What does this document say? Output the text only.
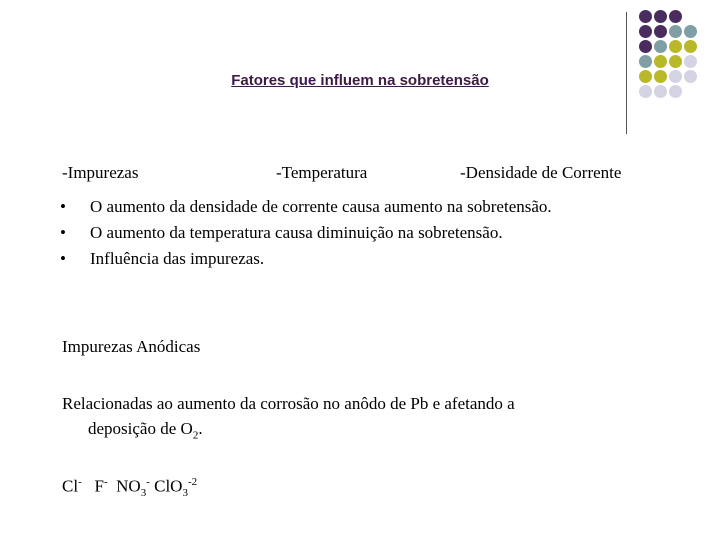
Fatores que influem na sobretensão
-Impurezas	-Temperatura	-Densidade de Corrente
• O aumento da densidade de corrente causa aumento na sobretensão.
• O aumento da temperatura causa diminuição na sobretensão.
• Influência das impurezas.
Impurezas Anódicas
Relacionadas ao aumento da corrosão no anôdo de Pb e afetando a
deposição de $O_2$.
Cl- F- $NO_3^-$ ClO$_3^{-2}$
